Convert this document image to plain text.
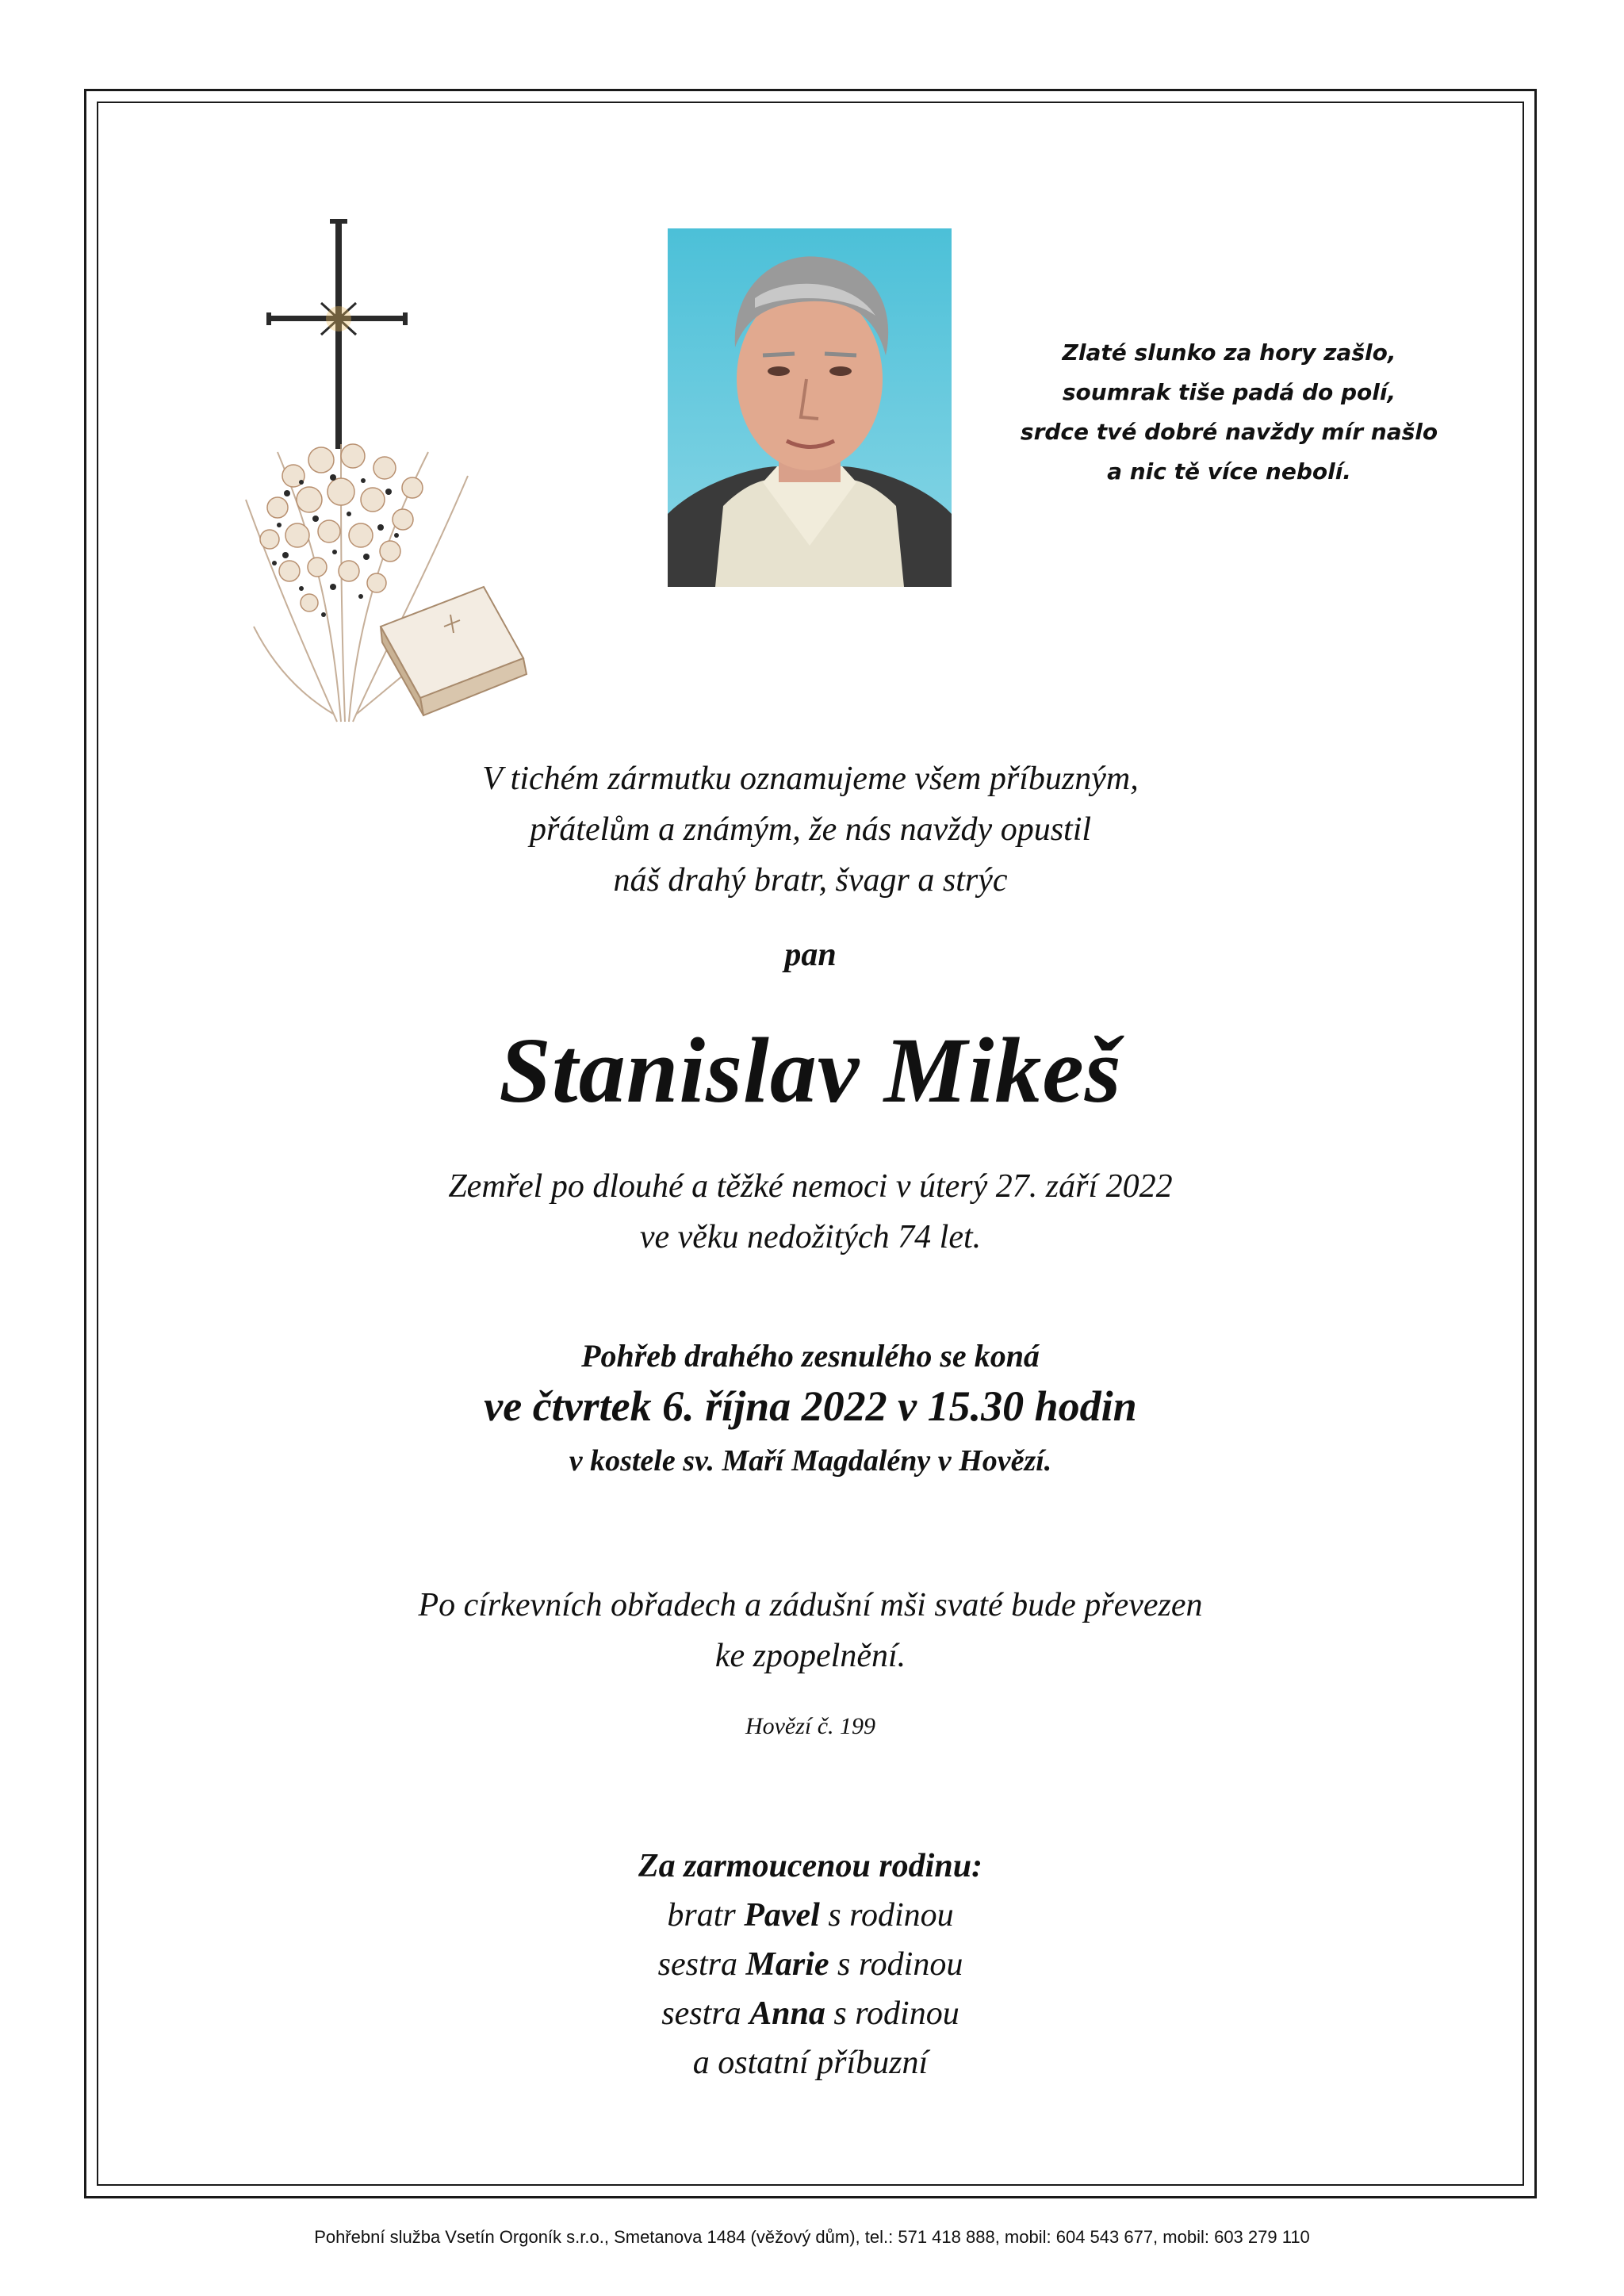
Zlaté slunko za hory zašlo,
soumrak tiše padá do polí,
srdce tvé dobré navždy mír našlo
a nic tě více nebolí.
V tichém zármutku oznamujeme všem příbuzným,
přátelům a známým, že nás navždy opustil
náš drahý bratr, švagr a strýc
pan
Stanislav Mikeš
Zemřel po dlouhé a těžké nemoci v úterý 27. září 2022
ve věku nedožitých 74 let.
Pohřeb drahého zesnulého se koná
ve čtvrtek 6. října 2022 v 15.30 hodin
v kostele sv. Maří Magdalény v Hovězí.
Po církevních obřadech a zádušní mši svaté bude převezen
ke zpopelnění.
Hovězí č. 199
Za zarmoucenou rodinu:
bratr Pavel s rodinou
sestra Marie s rodinou
sestra Anna s rodinou
a ostatní příbuzní
Pohřební služba Vsetín Orgoník s.r.o., Smetanova 1484 (věžový dům), tel.: 571 418 888, mobil: 604 543 677, mobil: 603 279 110
